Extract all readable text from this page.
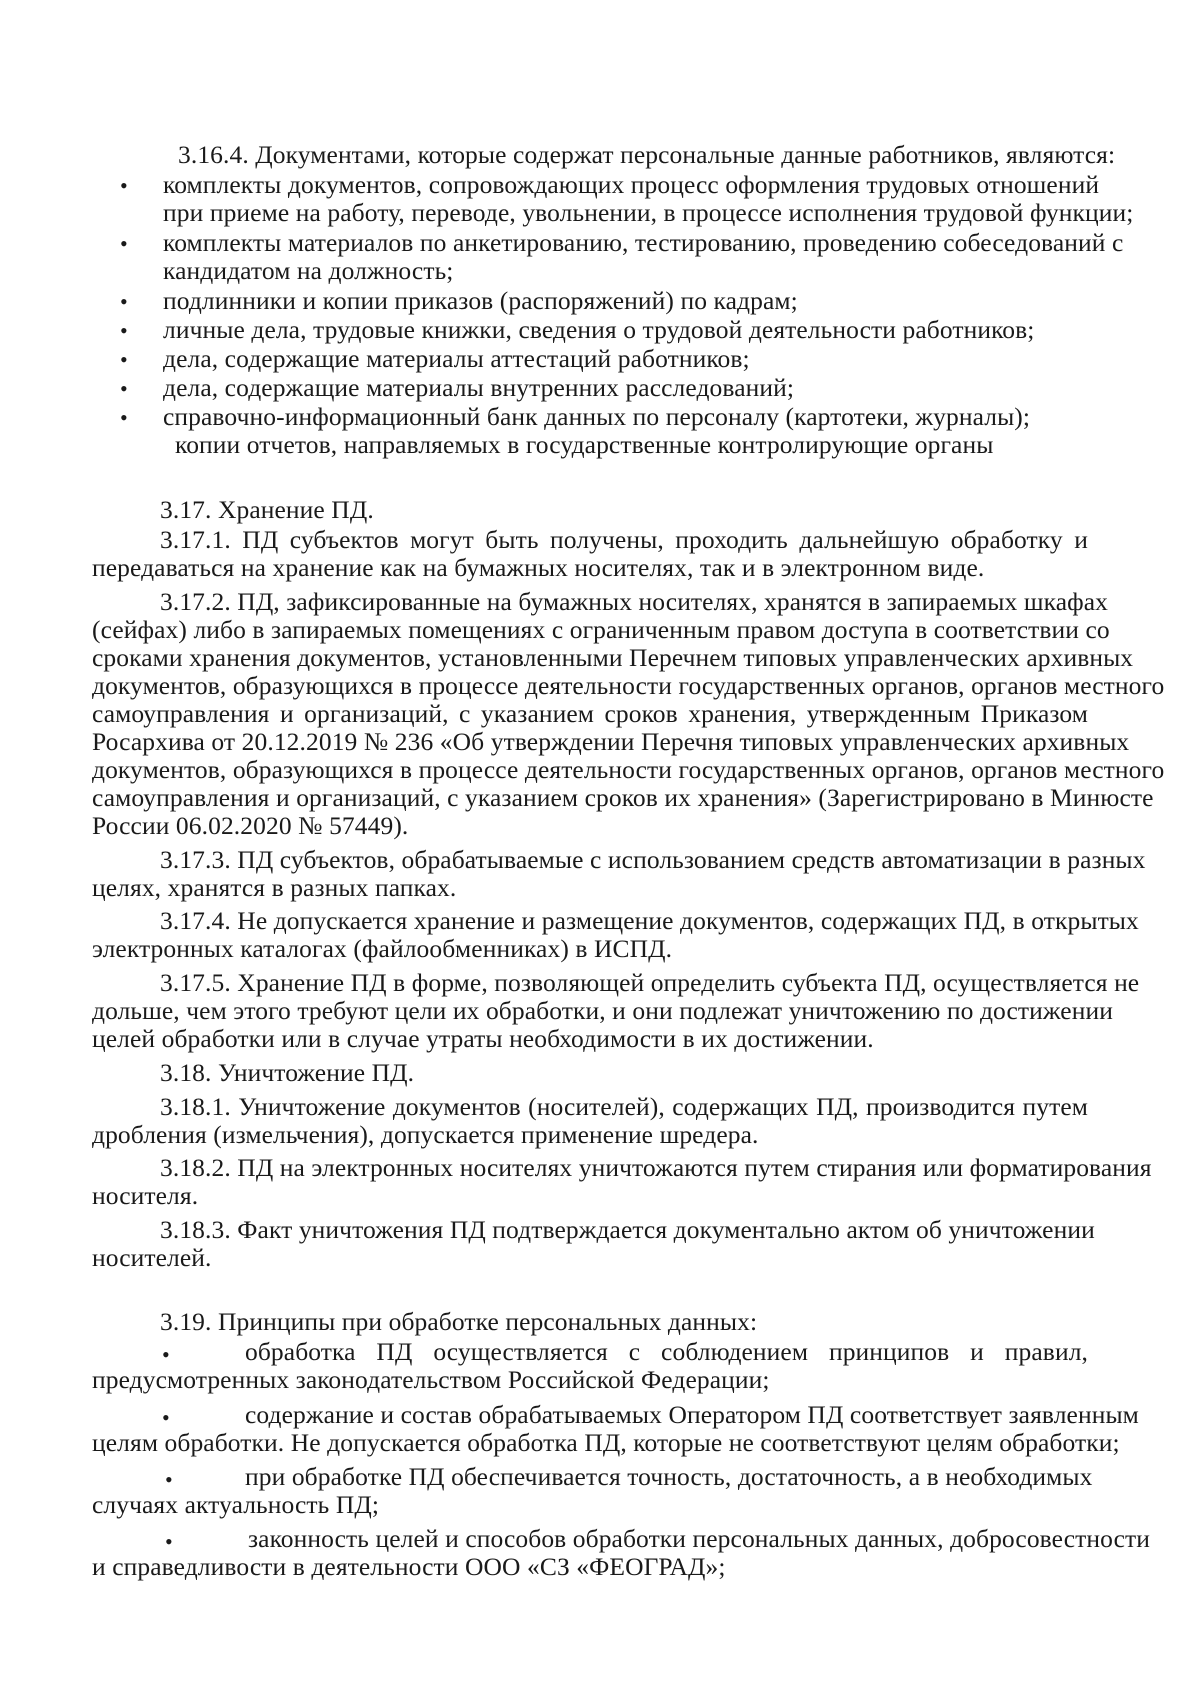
3.16.4. Документами, которые содержат персональные данные работников, являются:
• комплекты документов, сопровождающих процесс оформления трудовых отношений
при приеме на работу, переводе, увольнении, в процессе исполнения трудовой функции;
• комплекты материалов по анкетированию, тестированию, проведению собеседований с
кандидатом на должность;
• подлинники и копии приказов (распоряжений) по кадрам;
• личные дела, трудовые книжки, сведения о трудовой деятельности работников;
• дела, содержащие материалы аттестаций работников;
• дела, содержащие материалы внутренних расследований;
• справочно-информационный банк данных по персоналу (картотеки, журналы);
копии отчетов, направляемых в государственные контролирующие органы
3.17. Хранение ПД.
3.17.1. ПД субъектов могут быть получены, проходить дальнейшую обработку и
передаваться на хранение как на бумажных носителях, так и в электронном виде.
3.17.2. ПД, зафиксированные на бумажных носителях, хранятся в запираемых шкафах
(сейфах) либо в запираемых помещениях с ограниченным правом доступа в соответствии со
сроками хранения документов, установленными Перечнем типовых управленческих архивных
документов, образующихся в процессе деятельности государственных органов, органов местного
самоуправления и организаций, с указанием сроков хранения, утвержденным Приказом
Росархива от 20.12.2019 № 236 «Об утверждении Перечня типовых управленческих архивных
документов, образующихся в процессе деятельности государственных органов, органов местного
самоуправления и организаций, с указанием сроков их хранения» (Зарегистрировано в Минюсте
России 06.02.2020 № 57449).
3.17.3. ПД субъектов, обрабатываемые с использованием средств автоматизации в разных
целях, хранятся в разных папках.
3.17.4. Не допускается хранение и размещение документов, содержащих ПД, в открытых
электронных каталогах (файлообменниках) в ИСПД.
3.17.5. Хранение ПД в форме, позволяющей определить субъекта ПД, осуществляется не
дольше, чем этого требуют цели их обработки, и они подлежат уничтожению по достижении
целей обработки или в случае утраты необходимости в их достижении.
3.18. Уничтожение ПД.
3.18.1. Уничтожение документов (носителей), содержащих ПД, производится путем
дробления (измельчения), допускается применение шредера.
3.18.2. ПД на электронных носителях уничтожаются путем стирания или форматирования
носителя.
3.18.3. Факт уничтожения ПД подтверждается документально актом об уничтожении
носителей.
3.19. Принципы при обработке персональных данных:
•	обработка ПД осуществляется с соблюдением принципов и правил,
предусмотренных законодательством Российской Федерации;
•	содержание и состав обрабатываемых Оператором ПД соответствует заявленным
целям обработки. Не допускается обработка ПД, которые не соответствуют целям обработки;
•	при обработке ПД обеспечивается точность, достаточность, а в необходимых
случаях актуальность ПД;
•	законность целей и способов обработки персональных данных, добросовестности
и справедливости в деятельности ООО «СЗ «ФЕОГРАД»;
